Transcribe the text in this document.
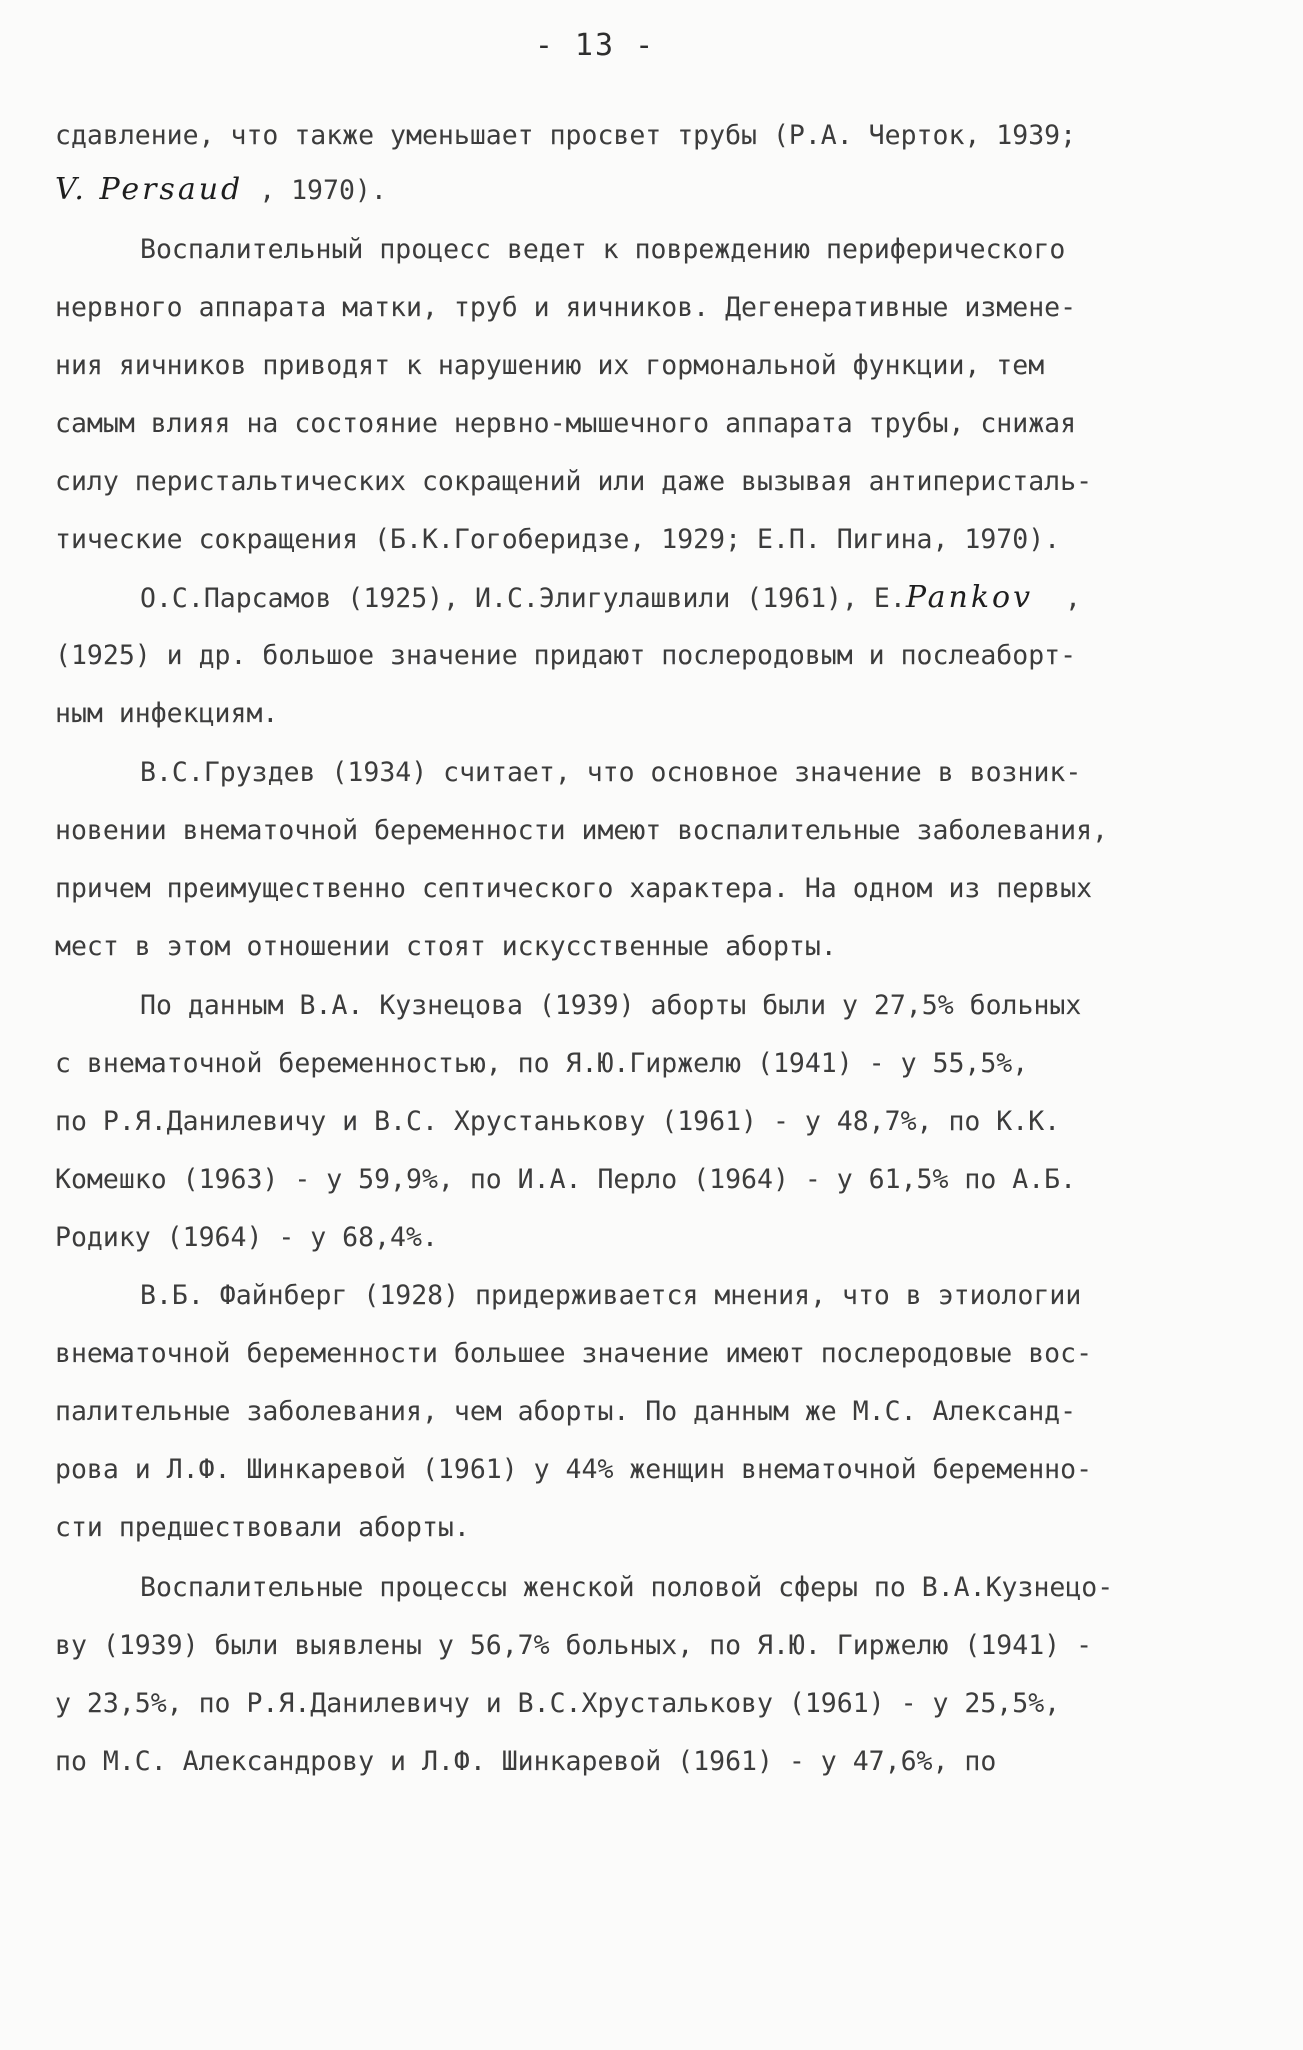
- 13 -
сдавление, что также уменьшает просвет трубы (Р.А. Черток, 1939;
V. Persaud , 1970).
Воспалительный процесс ведет к повреждению периферического
нервного аппарата матки, труб и яичников. Дегенеративные измене-
ния яичников приводят к нарушению их гормональной функции, тем
самым влияя на состояние нервно-мышечного аппарата трубы, снижая
силу перистальтических сокращений или даже вызывая антиперисталь-
тические сокращения (Б.К.Гогоберидзе, 1929; Е.П. Пигина, 1970).
О.С.Парсамов (1925), И.С.Элигулашвили (1961), Е.Pankov  ,
(1925) и др. большое значение придают послеродовым и послеаборт-
ным инфекциям.
В.С.Груздев (1934) считает, что основное значение в возник-
новении внематочной беременности имеют воспалительные заболевания,
причем преимущественно септического характера. На одном из первых
мест в этом отношении стоят искусственные аборты.
По данным В.А. Кузнецова (1939) аборты были у 27,5% больных
с внематочной беременностью, по Я.Ю.Гиржелю (1941) - у 55,5%,
по Р.Я.Данилевичу и В.С. Хрустанькову (1961) - у 48,7%, по К.К.
Комешко (1963) - у 59,9%, по И.А. Перло (1964) - у 61,5% по А.Б.
Родику (1964) - у 68,4%.
В.Б. Файнберг (1928) придерживается мнения, что в этиологии
внематочной беременности большее значение имеют послеродовые вос-
палительные заболевания, чем аборты. По данным же М.С. Александ-
рова и Л.Ф. Шинкаревой (1961) у 44% женщин внематочной беременно-
сти предшествовали аборты.
Воспалительные процессы женской половой сферы по В.А.Кузнецо-
ву (1939) были выявлены у 56,7% больных, по Я.Ю. Гиржелю (1941) -
у 23,5%, по Р.Я.Данилевичу и В.С.Хрусталькову (1961) - у 25,5%,
по М.С. Александрову и Л.Ф. Шинкаревой (1961) - у 47,6%, по
